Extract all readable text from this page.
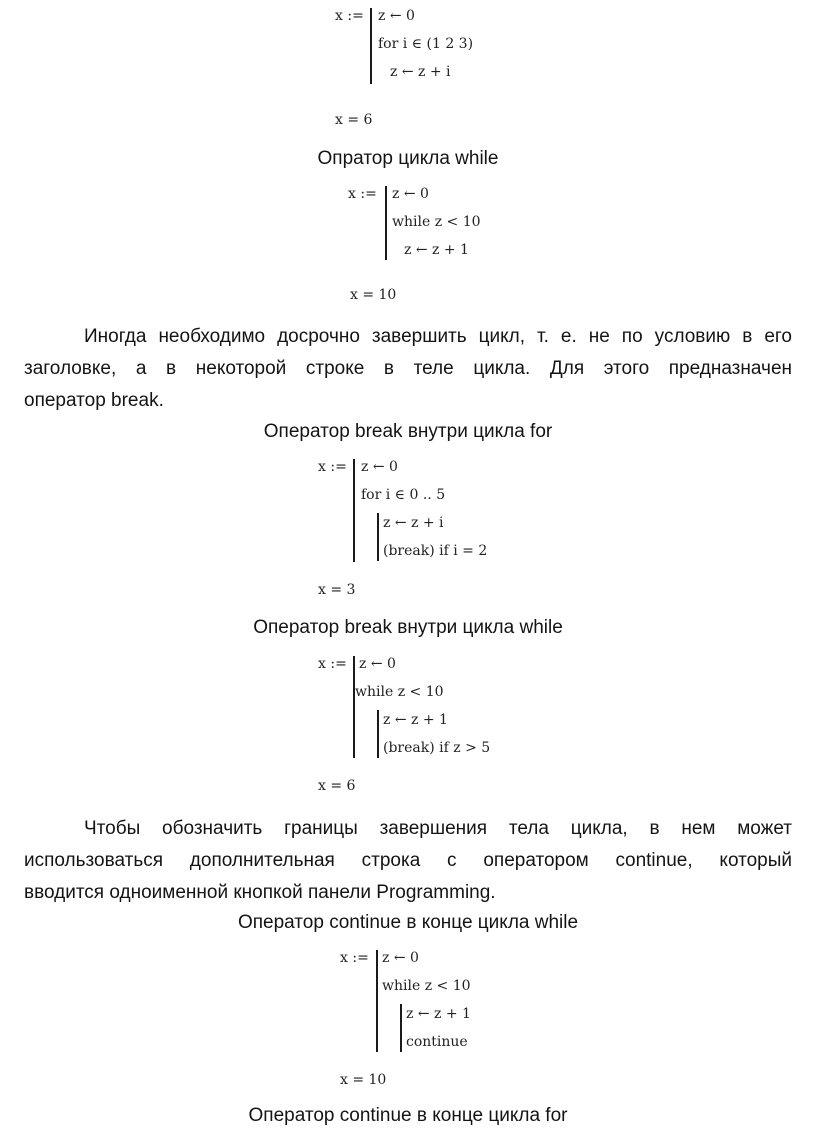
x := z ← 0
for i ∈ (1 2 3)
z ← z + i
x = 6
Опратор цикла while
x := z ← 0
while z < 10
z ← z + 1
x = 10
Иногда необходимо досрочно завершить цикл, т. е. не по условию в его
заголовке, а в некоторой строке в теле цикла. Для этого предназначен
оператор break.
Оператор break внутри цикла for
x := z ← 0
for i ∈ 0 .. 5
z ← z + i
(break) if i = 2
x = 3
Оператор break внутри цикла while
x := z ← 0
while z < 10
z ← z + 1
(break) if z > 5
x = 6
Чтобы обозначить границы завершения тела цикла, в нем может
использоваться дополнительная строка с оператором continue, который
вводится одноименной кнопкой панели Programming.
Оператор continue в конце цикла while
x := z ← 0
while z < 10
z ← z + 1
continue
x = 10
Оператор continue в конце цикла for
